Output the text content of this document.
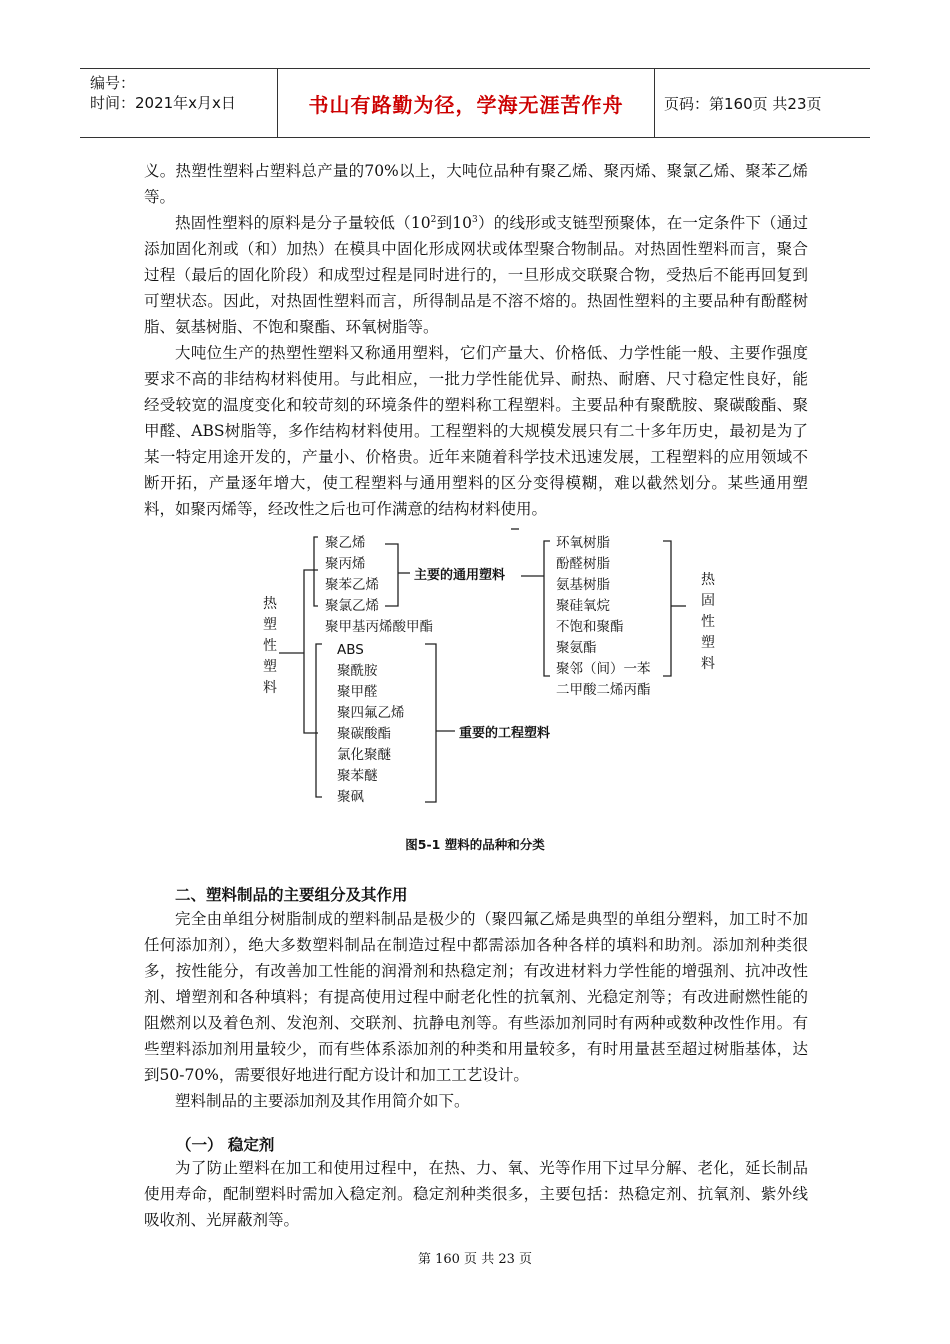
编号：
时间：2021年x月x日	书山有路勤为径，学海无涯苦作舟	页码：第160页 共23页

义。热塑性塑料占塑料总产量的70%以上，大吨位品种有聚乙烯、聚丙烯、聚氯乙烯、聚苯乙烯等。

热固性塑料的原料是分子量较低（$10^2$到$10^3$）的线形或支链型预聚体，在一定条件下（通过添加固化剂或（和）加热）在模具中固化形成网状或体型聚合物制品。对热固性塑料而言，聚合过程（最后的固化阶段）和成型过程是同时进行的，一旦形成交联聚合物，受热后不能再回复到可塑状态。因此，对热固性塑料而言，所得制品是不溶不熔的。热固性塑料的主要品种有酚醛树脂、氨基树脂、不饱和聚酯、环氧树脂等。

大吨位生产的热塑性塑料又称通用塑料，它们产量大、价格低、力学性能一般、主要作强度要求不高的非结构材料使用。与此相应，一批力学性能优异、耐热、耐磨、尺寸稳定性良好，能经受较宽的温度变化和较苛刻的环境条件的塑料称工程塑料。主要品种有聚酰胺、聚碳酸酯、聚甲醛、ABS树脂等，多作结构材料使用。工程塑料的大规模发展只有二十多年历史，最初是为了某一特定用途开发的，产量小、价格贵。近年来随着科学技术迅速发展，工程塑料的应用领域不断开拓，产量逐年增大，使工程塑料与通用塑料的区分变得模糊，难以截然划分。某些通用塑料，如聚丙烯等，经改性之后也可作满意的结构材料使用。

热
塑
性
塑
料
聚乙烯
聚丙烯
聚苯乙烯
聚氯乙烯
主要的通用塑料
聚甲基丙烯酸甲酯
ABS
聚酰胺
聚甲醛
聚四氟乙烯
聚碳酸酯
氯化聚醚
聚苯醚
聚砜
重要的工程塑料
环氧树脂
酚醛树脂
氨基树脂
聚硅氧烷
不饱和聚酯
聚氨酯
聚邻（间）一苯
二甲酸二烯丙酯
热
固
性
塑
料
图5-1 塑料的品种和分类
二、塑料制品的主要组分及其作用

完全由单组分树脂制成的塑料制品是极少的（聚四氟乙烯是典型的单组分塑料，加工时不加任何添加剂），绝大多数塑料制品在制造过程中都需添加各种各样的填料和助剂。添加剂种类很多，按性能分，有改善加工性能的润滑剂和热稳定剂；有改进材料力学性能的增强剂、抗冲改性剂、增塑剂和各种填料；有提高使用过程中耐老化性的抗氧剂、光稳定剂等；有改进耐燃性能的阻燃剂以及着色剂、发泡剂、交联剂、抗静电剂等。有些添加剂同时有两种或数种改性作用。有些塑料添加剂用量较少，而有些体系添加剂的种类和用量较多，有时用量甚至超过树脂基体，达到50-70%，需要很好地进行配方设计和加工工艺设计。

塑料制品的主要添加剂及其作用简介如下。

（一） 稳定剂

为了防止塑料在加工和使用过程中，在热、力、氧、光等作用下过早分解、老化，延长制品使用寿命，配制塑料时需加入稳定剂。稳定剂种类很多，主要包括：热稳定剂、抗氧剂、紫外线吸收剂、光屏蔽剂等。

第 160 页 共 23 页
